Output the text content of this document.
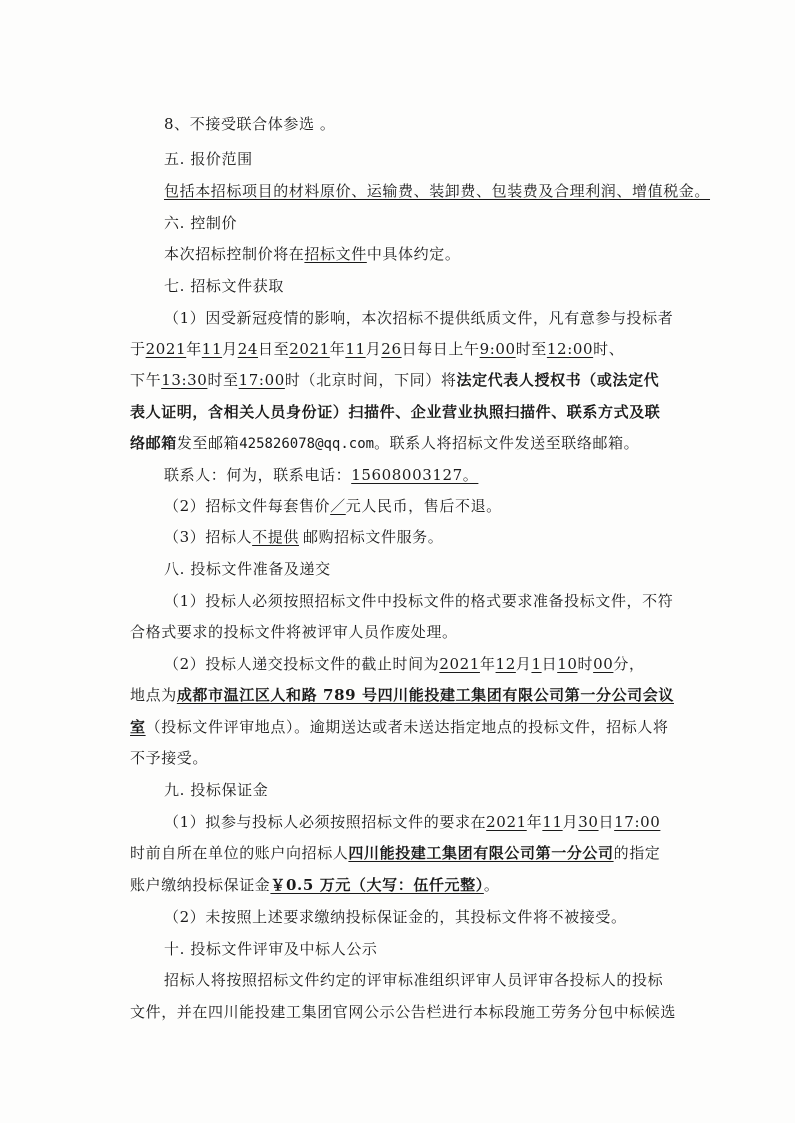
8、不接受联合体参选 。
五. 报价范围
包括本招标项目的材料原价、运输费、装卸费、包装费及合理利润、增值税金。
六. 控制价
本次招标控制价将在招标文件中具体约定。
七. 招标文件获取
（1）因受新冠疫情的影响，本次招标不提供纸质文件，凡有意参与投标者
于2021年11月24日至2021年11月26日每日上午9:00时至12:00时、
下午13:30时至17:00时（北京时间，下同）将法定代表人授权书（或法定代
表人证明，含相关人员身份证）扫描件、企业营业执照扫描件、联系方式及联
络邮箱发至邮箱425826078@qq.com。联系人将招标文件发送至联络邮箱。
联系人：何为，联系电话：15608003127。
（2）招标文件每套售价／元人民币，售后不退。
（3）招标人不提供 邮购招标文件服务。
八. 投标文件准备及递交
（1）投标人必须按照招标文件中投标文件的格式要求准备投标文件，不符
合格式要求的投标文件将被评审人员作废处理。
（2）投标人递交投标文件的截止时间为2021年12月1日10时00分，
地点为成都市温江区人和路 789 号四川能投建工集团有限公司第一分公司会议
室（投标文件评审地点）。逾期送达或者未送达指定地点的投标文件，招标人将
不予接受。
九. 投标保证金
（1）拟参与投标人必须按照招标文件的要求在2021年11月30日17:00
时前自所在单位的账户向招标人四川能投建工集团有限公司第一分公司的指定
账户缴纳投标保证金￥0.5 万元（大写：伍仟元整）。
（2）未按照上述要求缴纳投标保证金的，其投标文件将不被接受。
十. 投标文件评审及中标人公示
招标人将按照招标文件约定的评审标准组织评审人员评审各投标人的投标
文件，并在四川能投建工集团官网公示公告栏进行本标段施工劳务分包中标候选
